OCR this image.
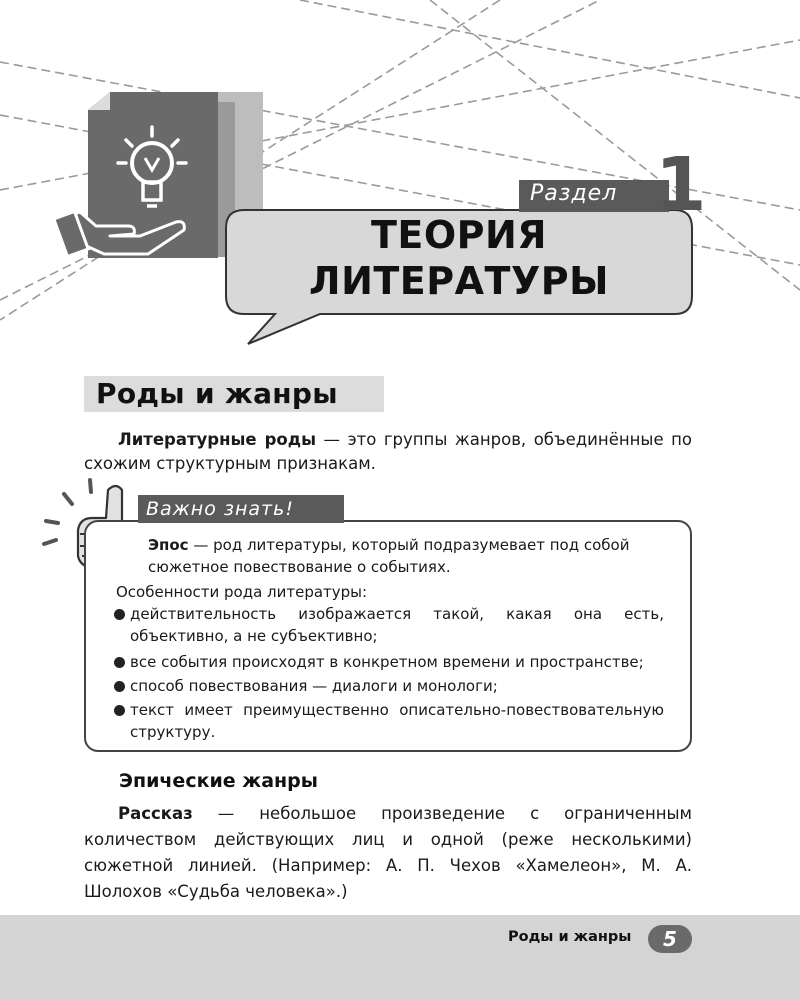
Раздел 1
ТЕОРИЯ
ЛИТЕРАТУРЫ
Роды и жанры
Литературные роды — это группы жанров, объединённые по схожим структурным признакам.
Важно знать!
Эпос — род литературы, который подразумевает под собой
сюжетное повествование о событиях.
Особенности рода литературы:
действительность изображается такой, какая она есть, объективно, а не субъективно;
все события происходят в конкретном времени и пространстве;
способ повествования — диалоги и монологи;
текст имеет преимущественно описательно-повествовательную структуру.
Эпические жанры
Рассказ — небольшое произведение с ограниченным количеством действующих лиц и одной (реже несколькими) сюжетной линией. (Например: А. П. Чехов «Хамелеон», М. А. Шолохов «Судьба человека».)
Роды и жанры	5
